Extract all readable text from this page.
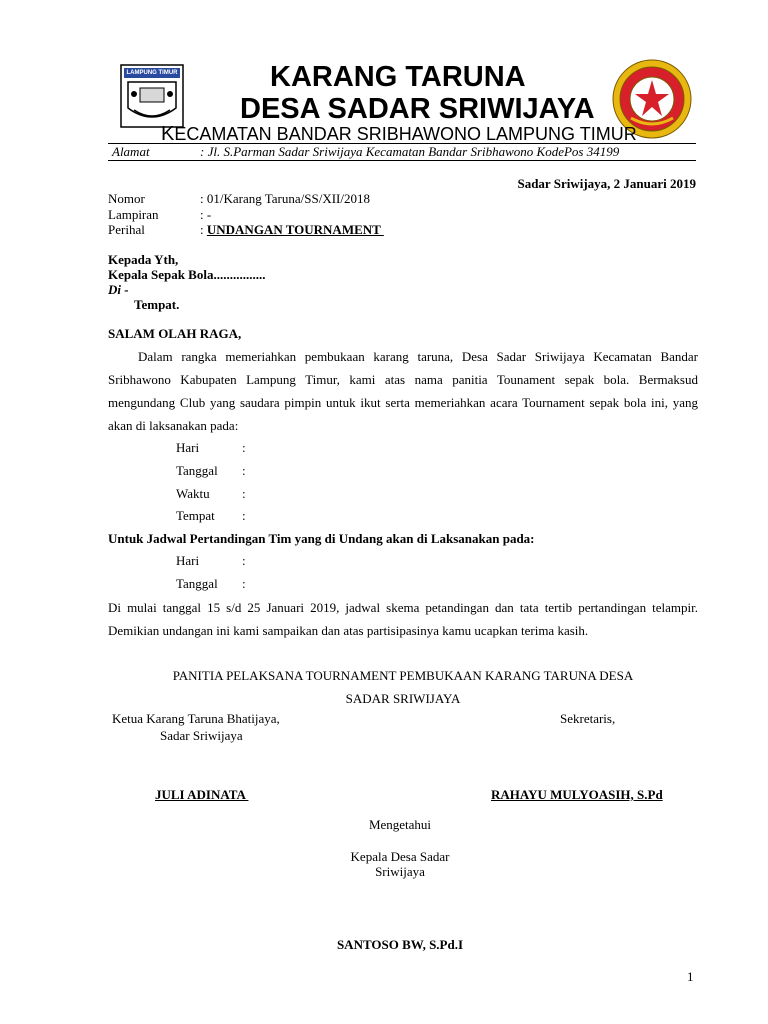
LAMPUNG TIMUR	KARANG TARUNA
DESA SADAR SRIWIJAYA
KECAMATAN BANDAR SRIBHAWONO LAMPUNG TIMUR
Alamat	: Jl. S.Parman Sadar Sriwijaya Kecamatan Bandar Sribhawono KodePos 34199
Sadar Sriwijaya, 2 Januari 2019
Nomor	: 01/Karang Taruna/SS/XII/2018
Lampiran	: -
Perihal	: UNDANGAN TOURNAMENT
Kepada Yth,
Kepala Sepak Bola................
Di -
Tempat.
SALAM OLAH RAGA,
Dalam rangka memeriahkan pembukaan karang taruna, Desa Sadar Sriwijaya Kecamatan Bandar Sribhawono Kabupaten Lampung Timur, kami atas nama panitia Tounament sepak bola. Bermaksud mengundang Club yang saudara pimpin untuk ikut serta memeriahkan acara Tournament sepak bola ini, yang akan di laksanakan pada:
Hari	:
Tanggal :
Waktu :
Tempat :
Untuk Jadwal Pertandingan Tim yang di Undang akan di Laksanakan pada:
Hari	:
Tanggal :
Di mulai tanggal 15 s/d 25 Januari 2019, jadwal skema petandingan dan tata tertib pertandingan telampir. Demikian undangan ini kami sampaikan dan atas partisipasinya kamu ucapkan terima kasih.
PANITIA PELAKSANA TOURNAMENT PEMBUKAAN KARANG TARUNA DESA
SADAR SRIWIJAYA
Ketua Karang Taruna Bhatijaya,
Sadar Sriwijaya
Sekretaris,
JULI ADINATA	RAHAYU MULYOASIH, S.Pd
Mengetahui
Kepala Desa Sadar
Sriwijaya
SANTOSO BW, S.Pd.I
1
